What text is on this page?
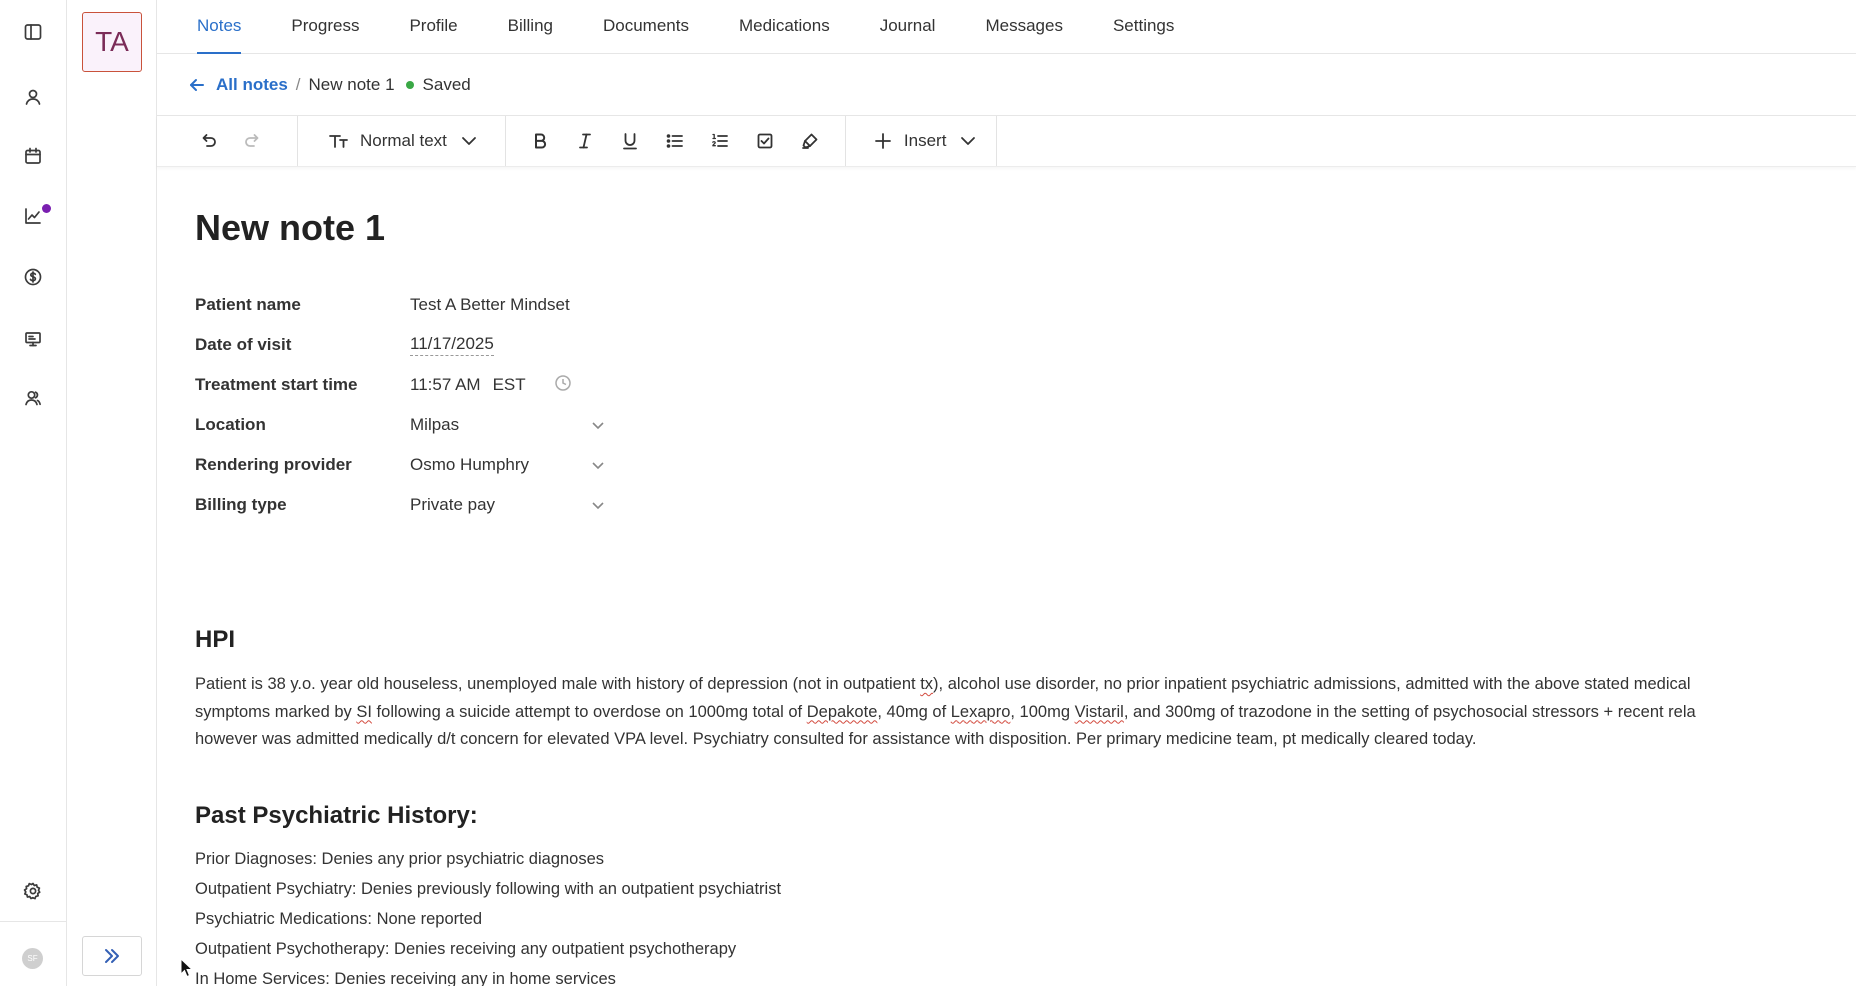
SF
TA
Notes	Progress	Profile	Billing	Documents	Medications	Journal	Messages	Settings
All notes / New note 1 Saved
Normal text	Insert
New note 1
Patient name	Test A Better Mindset
Date of visit	11/17/2025
Treatment start time	11:57 AM EST
Location	Milpas
Rendering provider	Osmo Humphry
Billing type	Private pay
HPI
Patient is 38 y.o. year old houseless, unemployed male with history of depression (not in outpatient tx), alcohol use disorder, no prior inpatient psychiatric admissions, admitted with the above stated medical
symptoms marked by SI following a suicide attempt to overdose on 1000mg total of Depakote, 40mg of Lexapro, 100mg Vistaril, and 300mg of trazodone in the setting of psychosocial stressors + recent rela
however was admitted medically d/t concern for elevated VPA level. Psychiatry consulted for assistance with disposition. Per primary medicine team, pt medically cleared today.
Past Psychiatric History:
Prior Diagnoses: Denies any prior psychiatric diagnoses
Outpatient Psychiatry: Denies previously following with an outpatient psychiatrist
Psychiatric Medications: None reported
Outpatient Psychotherapy: Denies receiving any outpatient psychotherapy
In Home Services: Denies receiving any in home services
